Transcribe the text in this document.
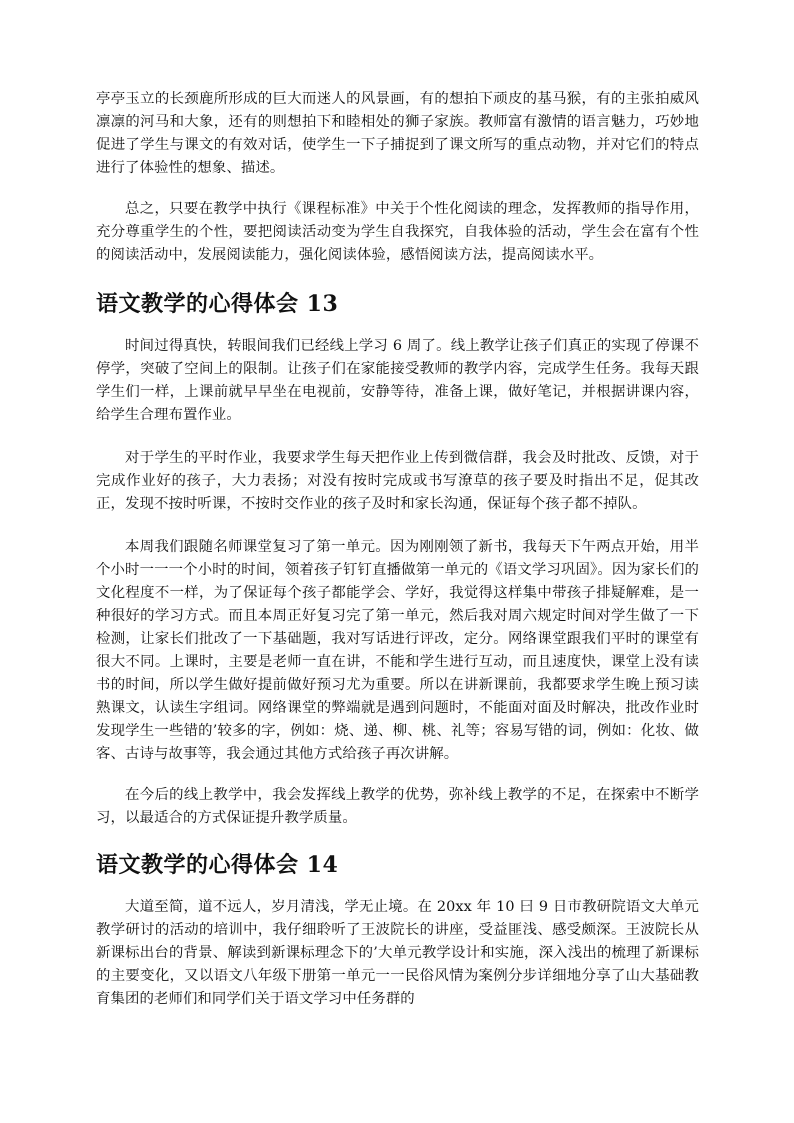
亭亭玉立的长颈鹿所形成的巨大而迷人的风景画，有的想拍下顽皮的基马猴，有的主张拍威风凛凛的河马和大象，还有的则想拍下和睦相处的狮子家族。教师富有激情的语言魅力，巧妙地促进了学生与课文的有效对话，使学生一下子捕捉到了课文所写的重点动物，并对它们的特点进行了体验性的想象、描述。

总之，只要在教学中执行《课程标准》中关于个性化阅读的理念，发挥教师的指导作用，充分尊重学生的个性，要把阅读活动变为学生自我探究，自我体验的活动，学生会在富有个性的阅读活动中，发展阅读能力，强化阅读体验，感悟阅读方法，提高阅读水平。

语文教学的心得体会 13

时间过得真快，转眼间我们已经线上学习 6 周了。线上教学让孩子们真正的实现了停课不停学，突破了空间上的限制。让孩子们在家能接受教师的教学内容，完成学生任务。我每天跟学生们一样，上课前就早早坐在电视前，安静等待，准备上课，做好笔记，并根据讲课内容，给学生合理布置作业。

对于学生的平时作业，我要求学生每天把作业上传到微信群，我会及时批改、反馈，对于完成作业好的孩子，大力表扬；对没有按时完成或书写潦草的孩子要及时指出不足，促其改正，发现不按时听课，不按时交作业的孩子及时和家长沟通，保证每个孩子都不掉队。

本周我们跟随名师课堂复习了第一单元。因为刚刚领了新书，我每天下午两点开始，用半个小时一一一个小时的时间，领着孩子钉钉直播做第一单元的《语文学习巩固》。因为家长们的文化程度不一样，为了保证每个孩子都能学会、学好，我觉得这样集中带孩子排疑解难，是一种很好的学习方式。而且本周正好复习完了第一单元，然后我对周六规定时间对学生做了一下检测，让家长们批改了一下基础题，我对写话进行评改，定分。网络课堂跟我们平时的课堂有很大不同。上课时，主要是老师一直在讲，不能和学生进行互动，而且速度快，课堂上没有读书的时间，所以学生做好提前做好预习尤为重要。所以在讲新课前，我都要求学生晚上预习读熟课文，认读生字组词。网络课堂的弊端就是遇到问题时，不能面对面及时解决，批改作业时发现学生一些错的’较多的字，例如：烧、递、柳、桃、礼等；容易写错的词，例如：化妆、做客、古诗与故事等，我会通过其他方式给孩子再次讲解。

在今后的线上教学中，我会发挥线上教学的优势，弥补线上教学的不足，在探索中不断学习，以最适合的方式保证提升教学质量。

语文教学的心得体会 14

大道至简，道不远人，岁月清浅，学无止境。在 20xx 年 10 曰 9 日市教研院语文大单元教学研讨的活动的培训中，我仔细聆听了王波院长的讲座，受益匪浅、感受颇深。王波院长从新课标出台的背景、解读到新课标理念下的’大单元教学设计和实施，深入浅出的梳理了新课标的主要变化，又以语文八年级下册第一单元一一民俗风情为案例分步详细地分享了山大基础教育集团的老师们和同学们关于语文学习中任务群的
